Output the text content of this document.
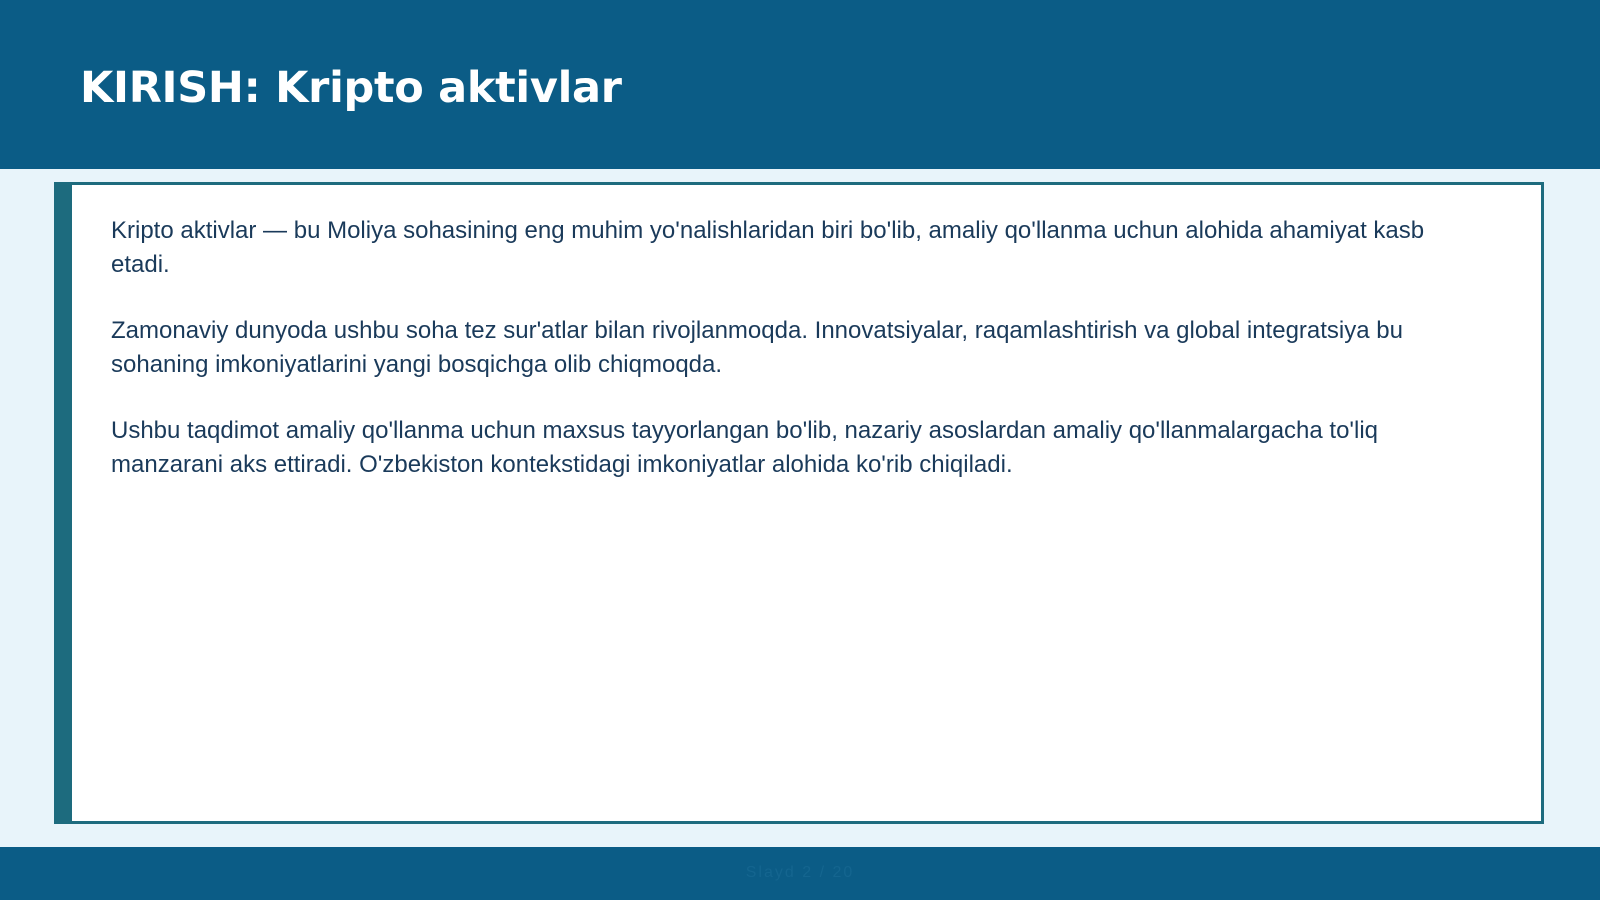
KIRISH: Kripto aktivlar

Kripto aktivlar — bu Moliya sohasining eng muhim yo'nalishlaridan biri bo'lib, amaliy qo'llanma uchun alohida ahamiyat kasb etadi.

Zamonaviy dunyoda ushbu soha tez sur'atlar bilan rivojlanmoqda. Innovatsiyalar, raqamlashtirish va global integratsiya bu sohaning imkoniyatlarini yangi bosqichga olib chiqmoqda.

Ushbu taqdimot amaliy qo'llanma uchun maxsus tayyorlangan bo'lib, nazariy asoslardan amaliy qo'llanmalargacha to'liq manzarani aks ettiradi. O'zbekiston kontekstidagi imkoniyatlar alohida ko'rib chiqiladi.

Slayd 2 / 20
